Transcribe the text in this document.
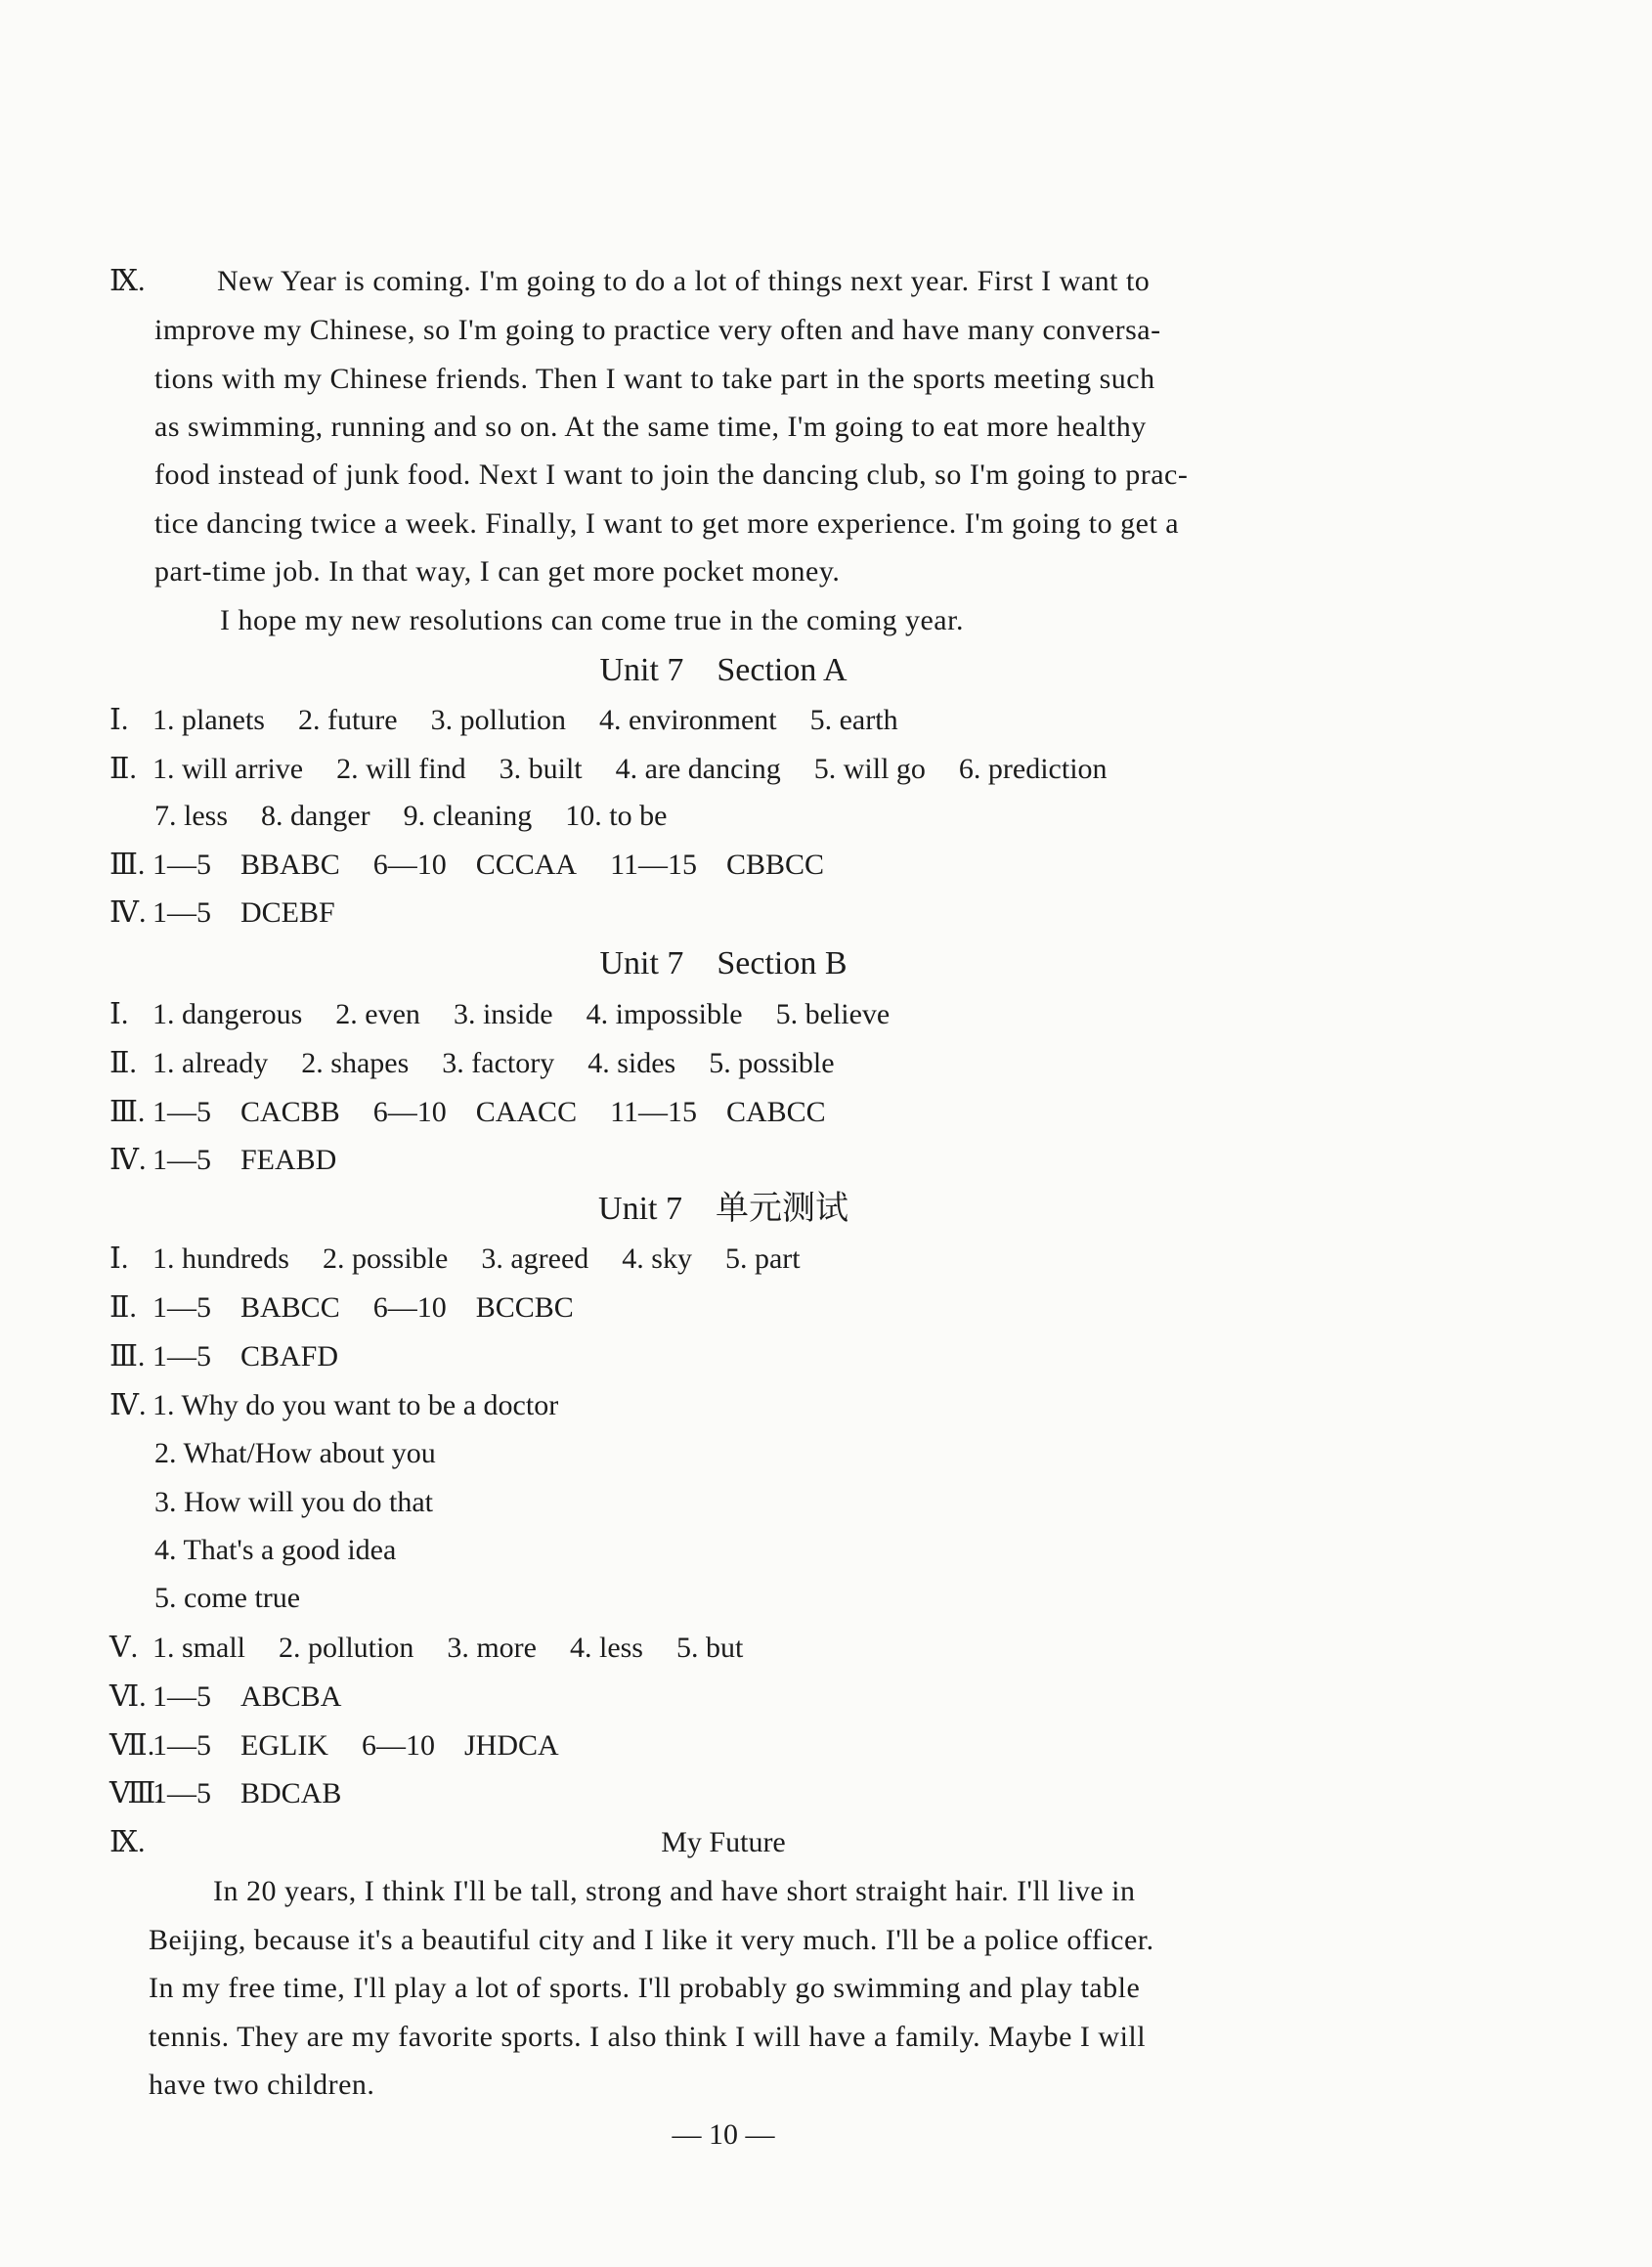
Ⅸ. New Year is coming. I'm going to do a lot of things next year. First I want to
improve my Chinese, so I'm going to practice very often and have many conversa-
tions with my Chinese friends. Then I want to take part in the sports meeting such
as swimming, running and so on. At the same time, I'm going to eat more healthy
food instead of junk food. Next I want to join the dancing club, so I'm going to prac-
tice dancing twice a week. Finally, I want to get more experience. I'm going to get a
part-time job. In that way, I can get more pocket money.
I hope my new resolutions can come true in the coming year.
Unit 7　Section A
Ⅰ. 1. planets 2. future 3. pollution 4. environment 5. earth
Ⅱ. 1. will arrive 2. will find 3. built 4. are dancing 5. will go 6. prediction
7. less 8. danger 9. cleaning 10. to be
Ⅲ. 1—5　BBABC 6—10　CCCAA 11—15　CBBCC
Ⅳ. 1—5　DCEBF
Unit 7　Section B
Ⅰ. 1. dangerous 2. even 3. inside 4. impossible 5. believe
Ⅱ. 1. already 2. shapes 3. factory 4. sides 5. possible
Ⅲ. 1—5　CACBB 6—10　CAACC 11—15　CABCC
Ⅳ. 1—5　FEABD
Unit 7　单元测试
Ⅰ. 1. hundreds 2. possible 3. agreed 4. sky 5. part
Ⅱ. 1—5　BABCC 6—10　BCCBC
Ⅲ. 1—5　CBAFD
Ⅳ. 1. Why do you want to be a doctor
2. What/How about you
3. How will you do that
4. That's a good idea
5. come true
Ⅴ. 1. small 2. pollution 3. more 4. less 5. but
Ⅵ. 1—5　ABCBA
Ⅶ.1—5　EGLIK 6—10　JHDCA
Ⅷ.1—5　BDCAB
Ⅸ.	My Future
In 20 years, I think I'll be tall, strong and have short straight hair. I'll live in
Beijing, because it's a beautiful city and I like it very much. I'll be a police officer.
In my free time, I'll play a lot of sports. I'll probably go swimming and play table
tennis. They are my favorite sports. I also think I will have a family. Maybe I will
have two children.
— 10 —
